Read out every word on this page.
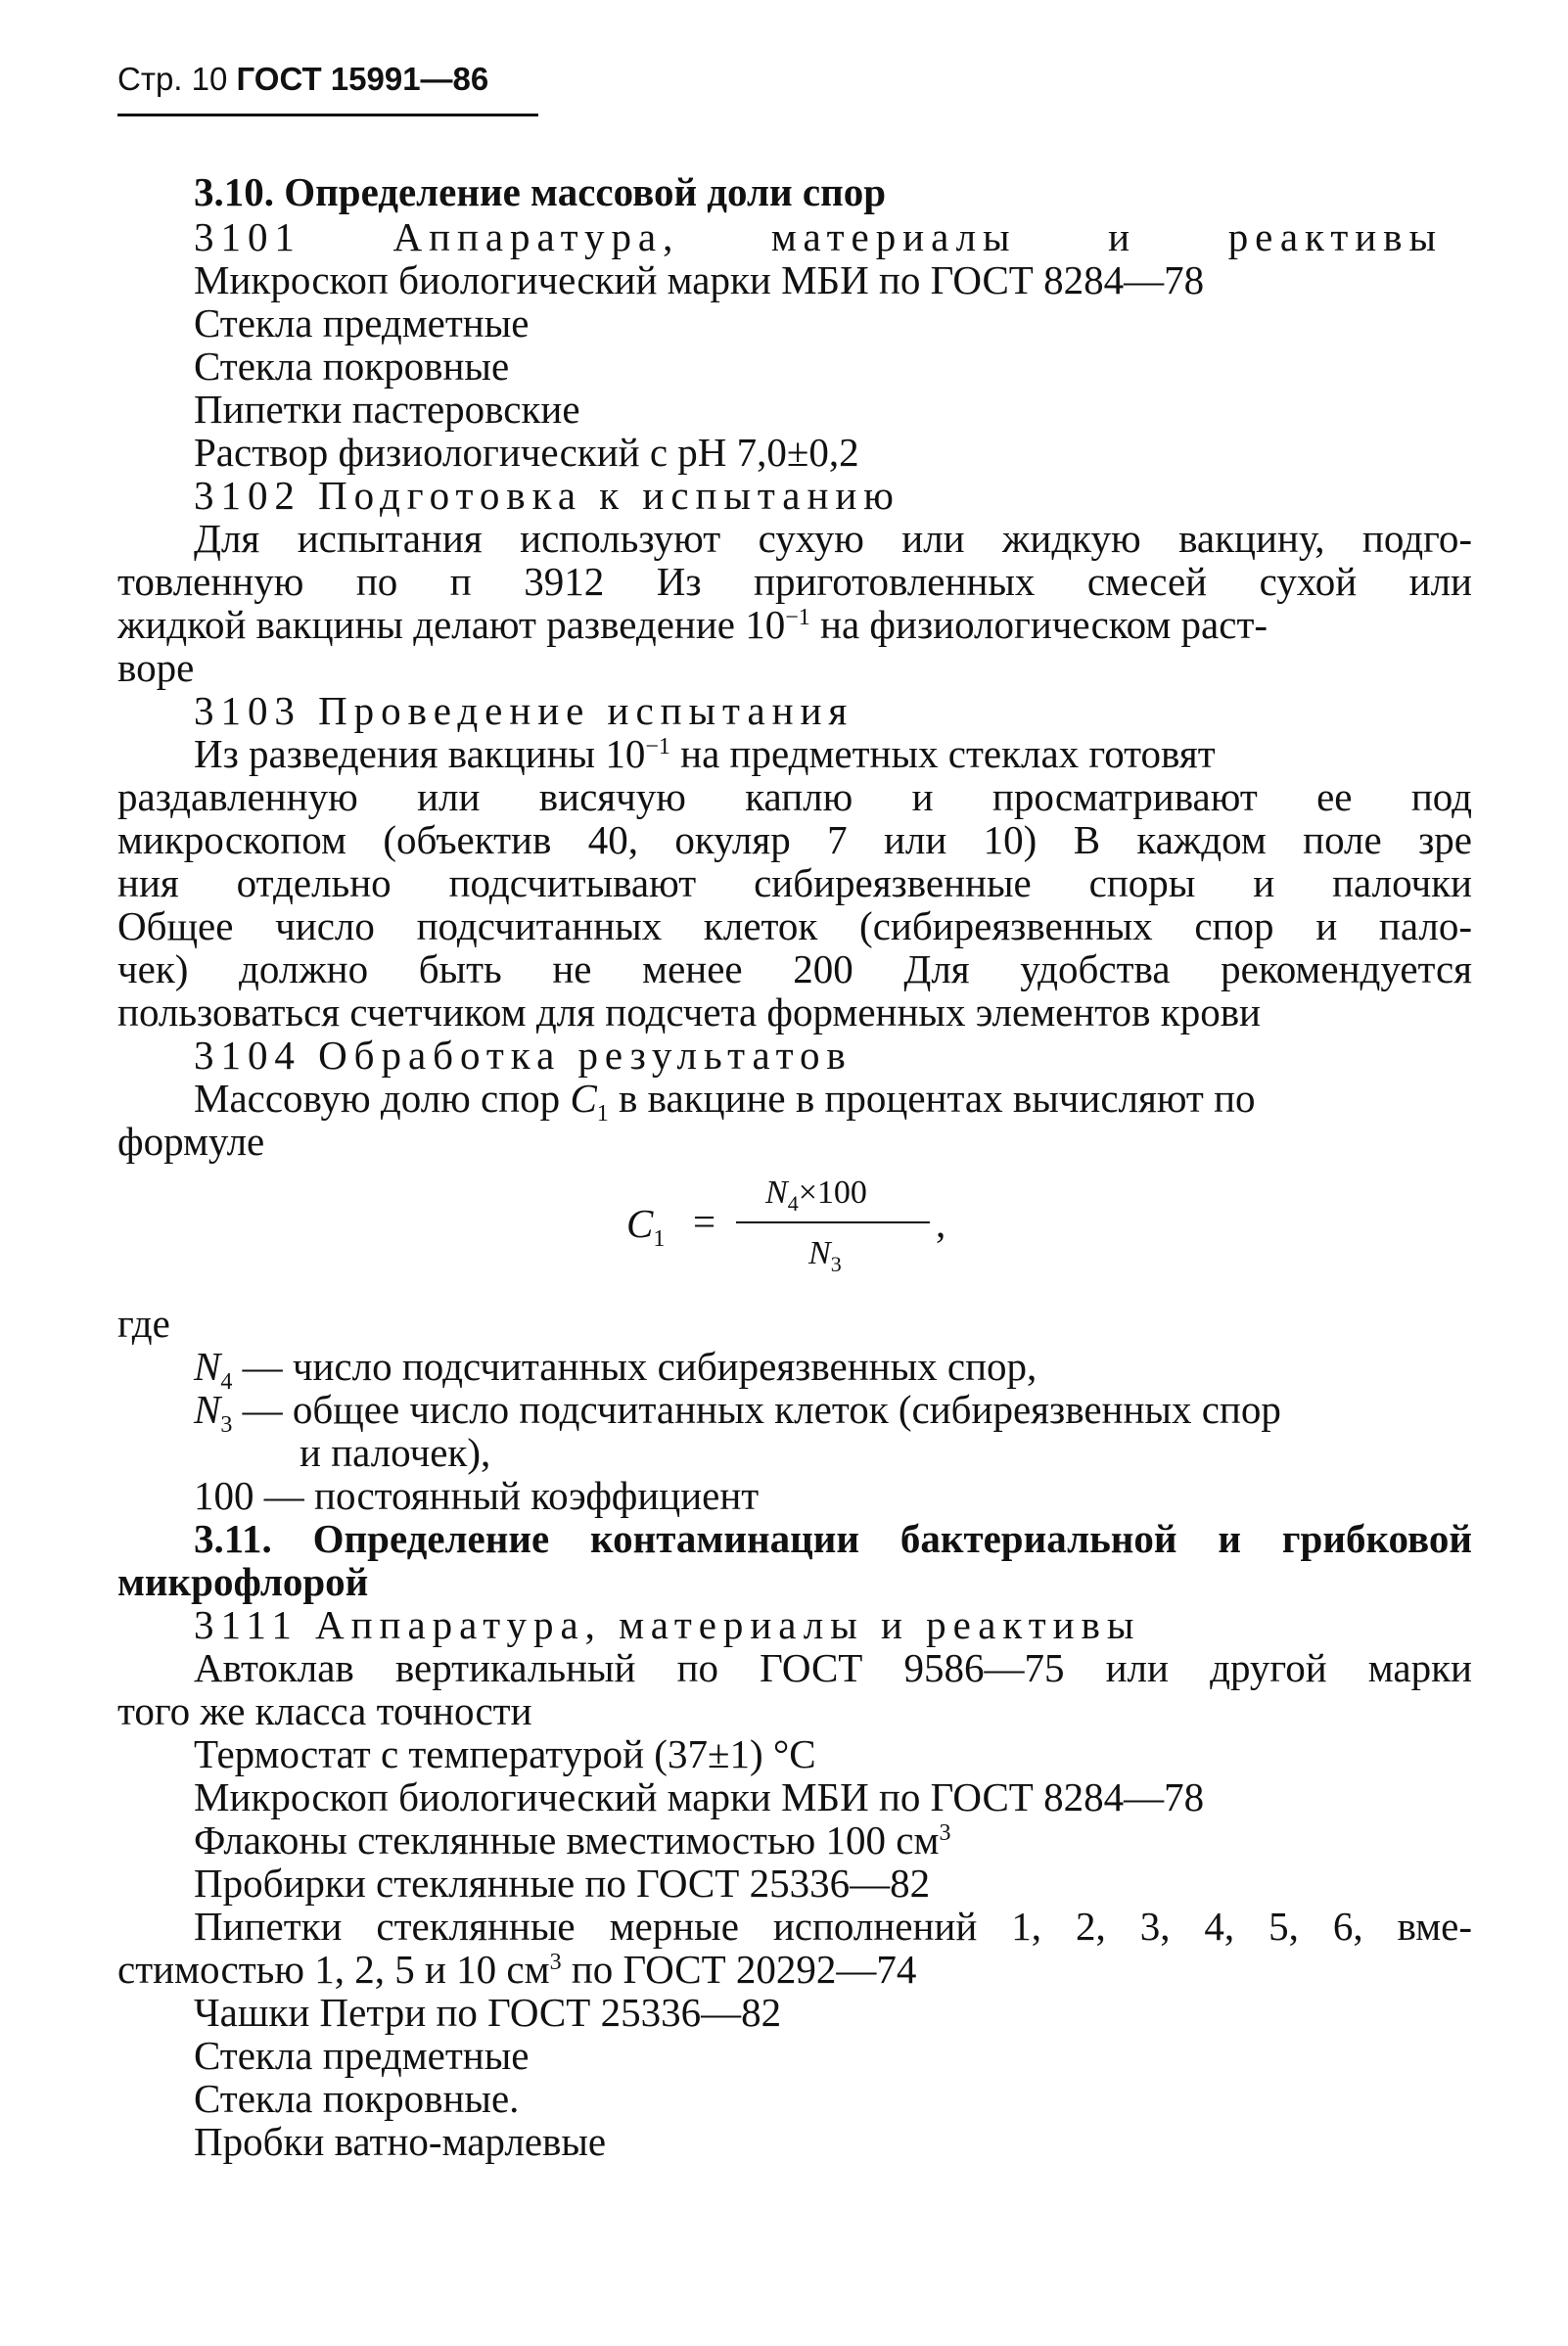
Стр. 10 ГОСТ 15991—86
3.10. Определение массовой доли спор
3101 Аппаратура, материалы и реактивы
Микроскоп биологический марки МБИ по ГОСТ 8284—78
Стекла предметные
Стекла покровные
Пипетки пастеровские
Раствор физиологический с pH 7,0±0,2
3102 Подготовка к испытанию
Для испытания используют сухую или жидкую вакцину, подго-
товленную по п 3912 Из приготовленных смесей сухой или
жидкой вакцины делают разведение $10^{-1}$ на физиологическом раст-
воре
3103 Проведение испытания
Из разведения вакцины $10^{-1}$ на предметных стеклах готовят
раздавленную или висячую каплю и просматривают ее под
микроскопом (объектив 40, окуляр 7 или 10) В каждом поле зре
ния отдельно подсчитывают сибиреязвенные споры и палочки
Общее число подсчитанных клеток (сибиреязвенных спор и пало-
чек) должно быть не менее 200 Для удобства рекомендуется
пользоваться счетчиком для подсчета форменных элементов крови
3104 Обработка результатов
Массовую долю спор $C_1$ в вакцине в процентах вычисляют по
формуле
$C_1$ =
$N_4\times 100$
$N_3$
,
где
$N_4$ — число подсчитанных сибиреязвенных спор,
$N_3$ — общее число подсчитанных клеток (сибиреязвенных спор
и палочек),
100 — постоянный коэффициент
3.11. Определение контаминации бактериальной и грибковой
микрофлорой
3111 Аппаратура, материалы и реактивы
Автоклав вертикальный по ГОСТ 9586—75 или другой марки
того же класса точности
Термостат с температурой (37±1) °С
Микроскоп биологический марки МБИ по ГОСТ 8284—78
Флаконы стеклянные вместимостью 100 $см^3$
Пробирки стеклянные по ГОСТ 25336—82
Пипетки стеклянные мерные исполнений 1, 2, 3, 4, 5, 6, вме-
стимостью 1, 2, 5 и 10 $см^3$ по ГОСТ 20292—74
Чашки Петри по ГОСТ 25336—82
Стекла предметные
Стекла покровные.
Пробки ватно-марлевые
